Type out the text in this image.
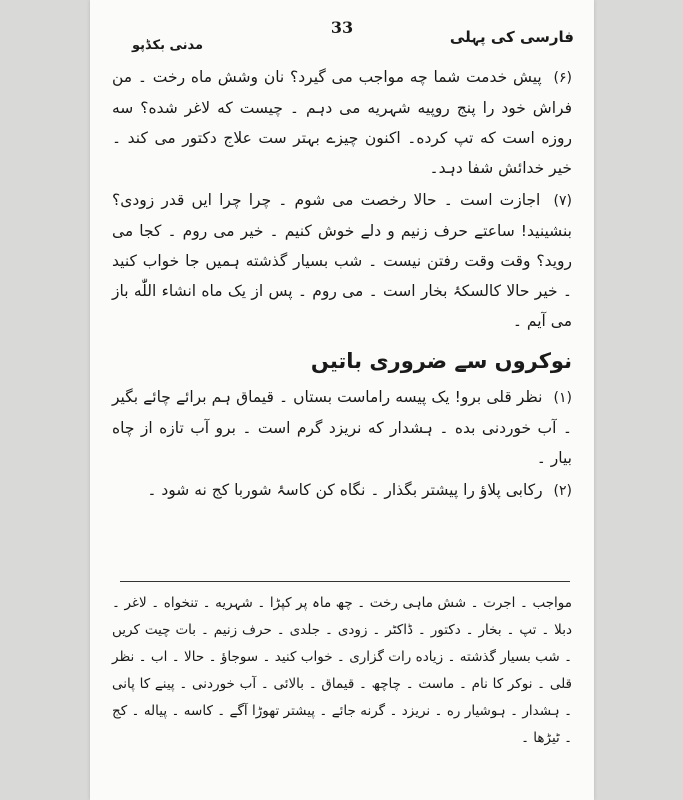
33	فارسی کی پہلی
مدنی بکڈپو

(۶) پیش خدمت شما چه مواجب می گیرد؟ نان وشش ماه رخت ۔ من فراش خود را پنج روپیه شہریه می دہم ۔ چیست که لاغر شده؟ سه روزه است که تپ کرده۔ اکنون چیزے بہتر ست علاج دکتور می کند ۔ خیر خدائش شفا دہد۔

(۷) اجازت است ۔ حالا رخصت می شوم ۔ چرا چرا ایں قدر زودی؟ بنشینید! ساعتے حرف زنیم و دلے خوش کنیم ۔ خیر می روم ۔ کجا می روید؟ وقت وقت رفتن نیست ۔ شب بسیار گذشته ہمیں جا خواب کنید ۔ خیر حالا کالسکۂ بخار است ۔ می روم ۔ پس از یک ماه انشاء اللّٰه باز می آیم ۔

نوکروں سے ضروری باتیں

(۱) نظر قلی برو! یک پیسه راماست بستاں ۔ قیماق ہم برائے چائے بگیر ۔ آب خوردنی بده ۔ ہشدار که نریزد گرم است ۔ برو آب تازه از چاه بیار ۔

(۲) رکابی پلاؤ را پیشتر بگذار ۔ نگاه کن کاسۂ شوربا کج نه شود ۔

مواجب ۔ اجرت ۔ شش ماہی رخت ۔ چھ ماہ پر کپڑا ۔ شہریه ۔ تنخواه ۔ لاغر ۔ دبلا ۔ تپ ۔ بخار ۔ دکتور ۔ ڈاکٹر ۔ زودی ۔ جلدی ۔ حرف زنیم ۔ بات چیت کریں ۔ شب بسیار گذشته ۔ زیاده رات گزاری ۔ خواب کنید ۔ سوجاؤ ۔ حالا ۔ اب ۔ نظر قلی ۔ نوکر کا نام ۔ ماست ۔ چاچھ ۔ قیماق ۔ بالائی ۔ آب خوردنی ۔ پینے کا پانی ۔ ہشدار ۔ ہوشیار ره ۔ نریزد ۔ گرنه جائے ۔ پیشتر تھوڑا آگے ۔ کاسه ۔ پیاله ۔ کج ۔ ٹیڑھا ۔
